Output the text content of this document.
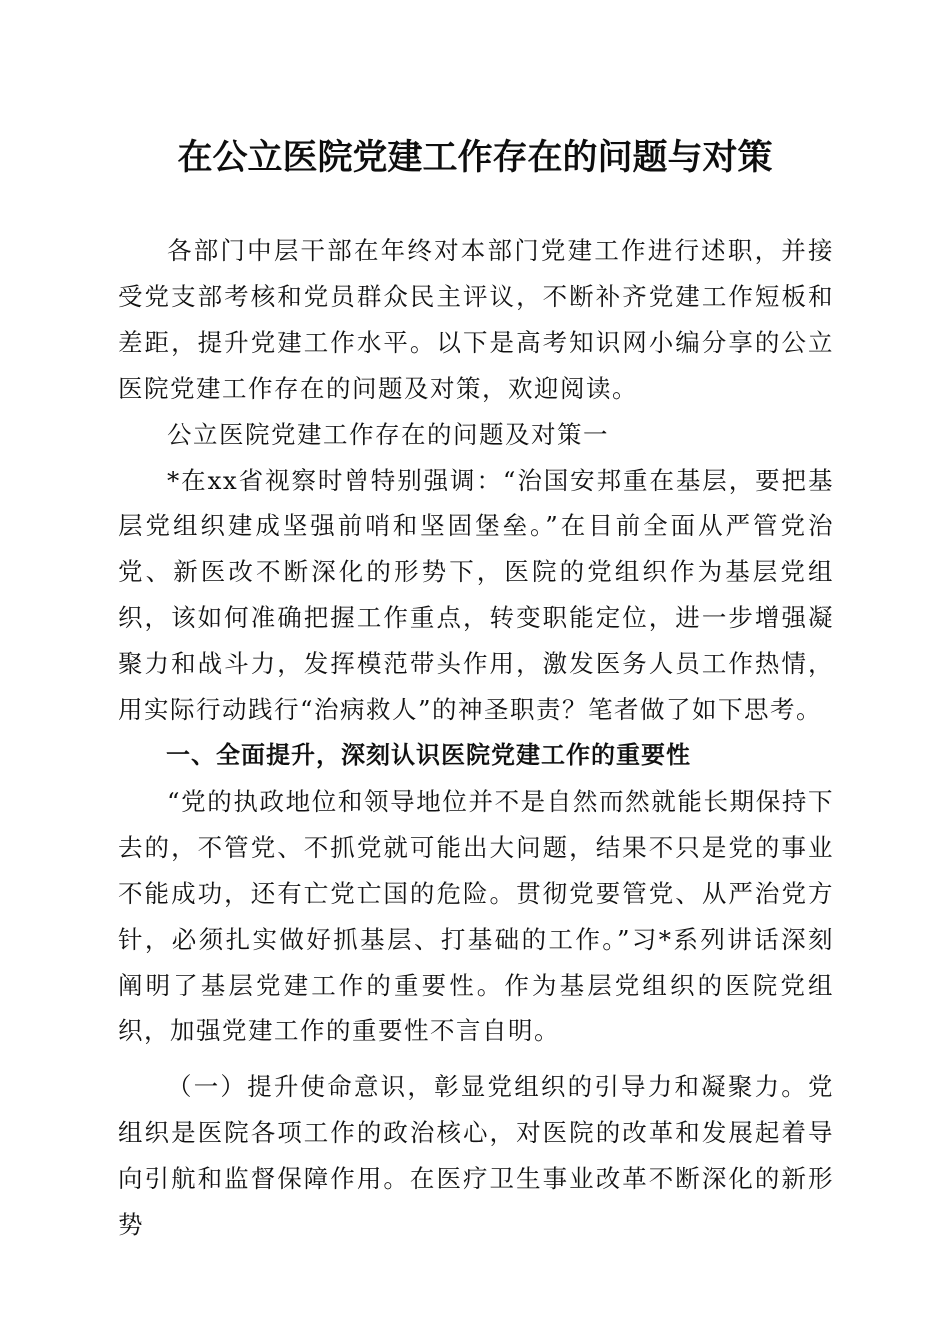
在公立医院党建工作存在的问题与对策

各部门中层干部在年终对本部门党建工作进行述职，并接受党支部考核和党员群众民主评议，不断补齐党建工作短板和差距，提升党建工作水平。以下是高考知识网小编分享的公立医院党建工作存在的问题及对策，欢迎阅读。

公立医院党建工作存在的问题及对策一

*在xx省视察时曾特别强调：“治国安邦重在基层，要把基层党组织建成坚强前哨和坚固堡垒。”在目前全面从严管党治党、新医改不断深化的形势下，医院的党组织作为基层党组织，该如何准确把握工作重点，转变职能定位，进一步增强凝聚力和战斗力，发挥模范带头作用，激发医务人员工作热情，用实际行动践行“治病救人”的神圣职责？笔者做了如下思考。

一、全面提升，深刻认识医院党建工作的重要性

“党的执政地位和领导地位并不是自然而然就能长期保持下去的，不管党、不抓党就可能出大问题，结果不只是党的事业不能成功，还有亡党亡国的危险。贯彻党要管党、从严治党方针，必须扎实做好抓基层、打基础的工作。”习*系列讲话深刻阐明了基层党建工作的重要性。作为基层党组织的医院党组织，加强党建工作的重要性不言自明。

（一）提升使命意识，彰显党组织的引导力和凝聚力。党组织是医院各项工作的政治核心，对医院的改革和发展起着导向引航和监督保障作用。在医疗卫生事业改革不断深化的新形势
